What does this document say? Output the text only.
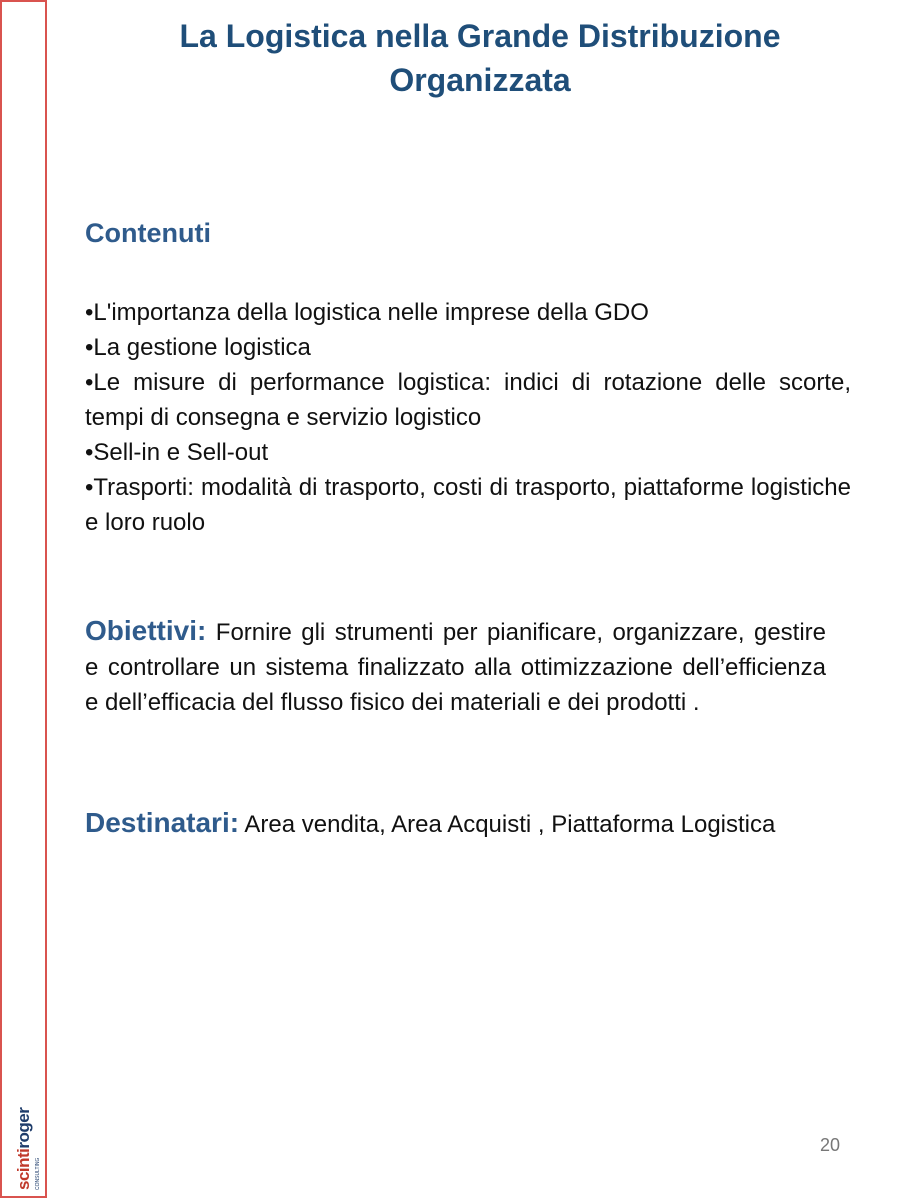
scintiroger
CONSULTING
La Logistica nella Grande Distribuzione Organizzata
Contenuti
•L'importanza della logistica nelle imprese della GDO
•La gestione logistica
•Le misure di performance logistica: indici di rotazione delle scorte, tempi di consegna e servizio logistico
•Sell-in e Sell-out
•Trasporti: modalità di trasporto, costi di trasporto, piattaforme logistiche e loro ruolo
Obiettivi: Fornire gli strumenti per pianificare, organizzare, gestire e controllare un sistema finalizzato alla ottimizzazione dell’efficienza e dell’efficacia del flusso fisico dei materiali e dei prodotti .
Destinatari: Area vendita, Area Acquisti , Piattaforma Logistica
20
